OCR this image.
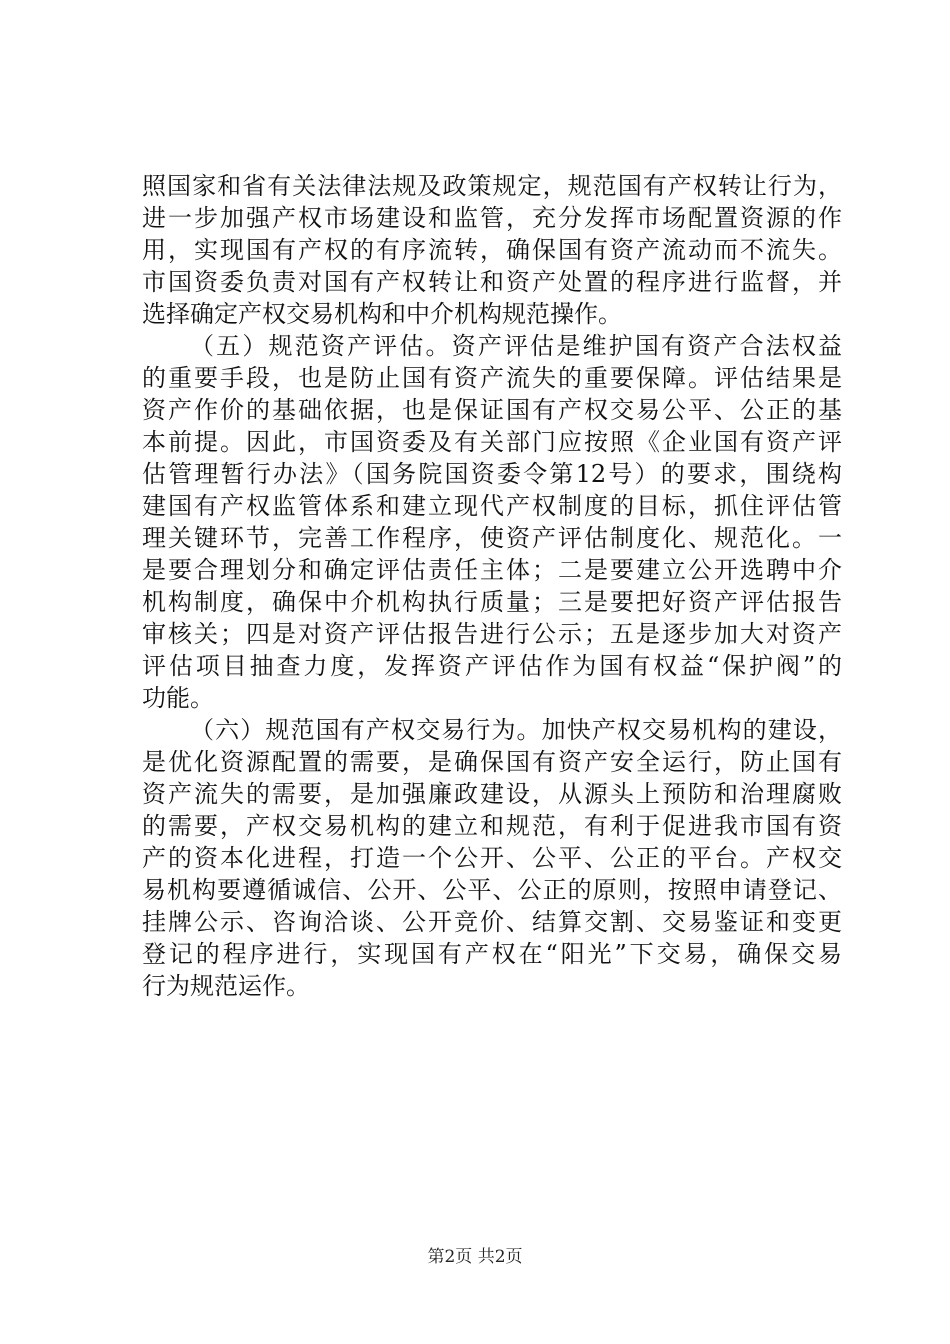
照国家和省有关法律法规及政策规定，规范国有产权转让行为，
进一步加强产权市场建设和监管，充分发挥市场配置资源的作
用，实现国有产权的有序流转，确保国有资产流动而不流失。
市国资委负责对国有产权转让和资产处置的程序进行监督，并
选择确定产权交易机构和中介机构规范操作。
（五）规范资产评估。资产评估是维护国有资产合法权益
的重要手段，也是防止国有资产流失的重要保障。评估结果是
资产作价的基础依据，也是保证国有产权交易公平、公正的基
本前提。因此，市国资委及有关部门应按照《企业国有资产评
估管理暂行办法》（国务院国资委令第12号）的要求，围绕构
建国有产权监管体系和建立现代产权制度的目标，抓住评估管
理关键环节，完善工作程序，使资产评估制度化、规范化。一
是要合理划分和确定评估责任主体；二是要建立公开选聘中介
机构制度，确保中介机构执行质量；三是要把好资产评估报告
审核关；四是对资产评估报告进行公示；五是逐步加大对资产
评估项目抽查力度，发挥资产评估作为国有权益“保护阀”的
功能。
（六）规范国有产权交易行为。加快产权交易机构的建设，
是优化资源配置的需要，是确保国有资产安全运行，防止国有
资产流失的需要，是加强廉政建设，从源头上预防和治理腐败
的需要，产权交易机构的建立和规范，有利于促进我市国有资
产的资本化进程，打造一个公开、公平、公正的平台。产权交
易机构要遵循诚信、公开、公平、公正的原则，按照申请登记、
挂牌公示、咨询洽谈、公开竞价、结算交割、交易鉴证和变更
登记的程序进行，实现国有产权在“阳光”下交易，确保交易
行为规范运作。
第2页 共2页
